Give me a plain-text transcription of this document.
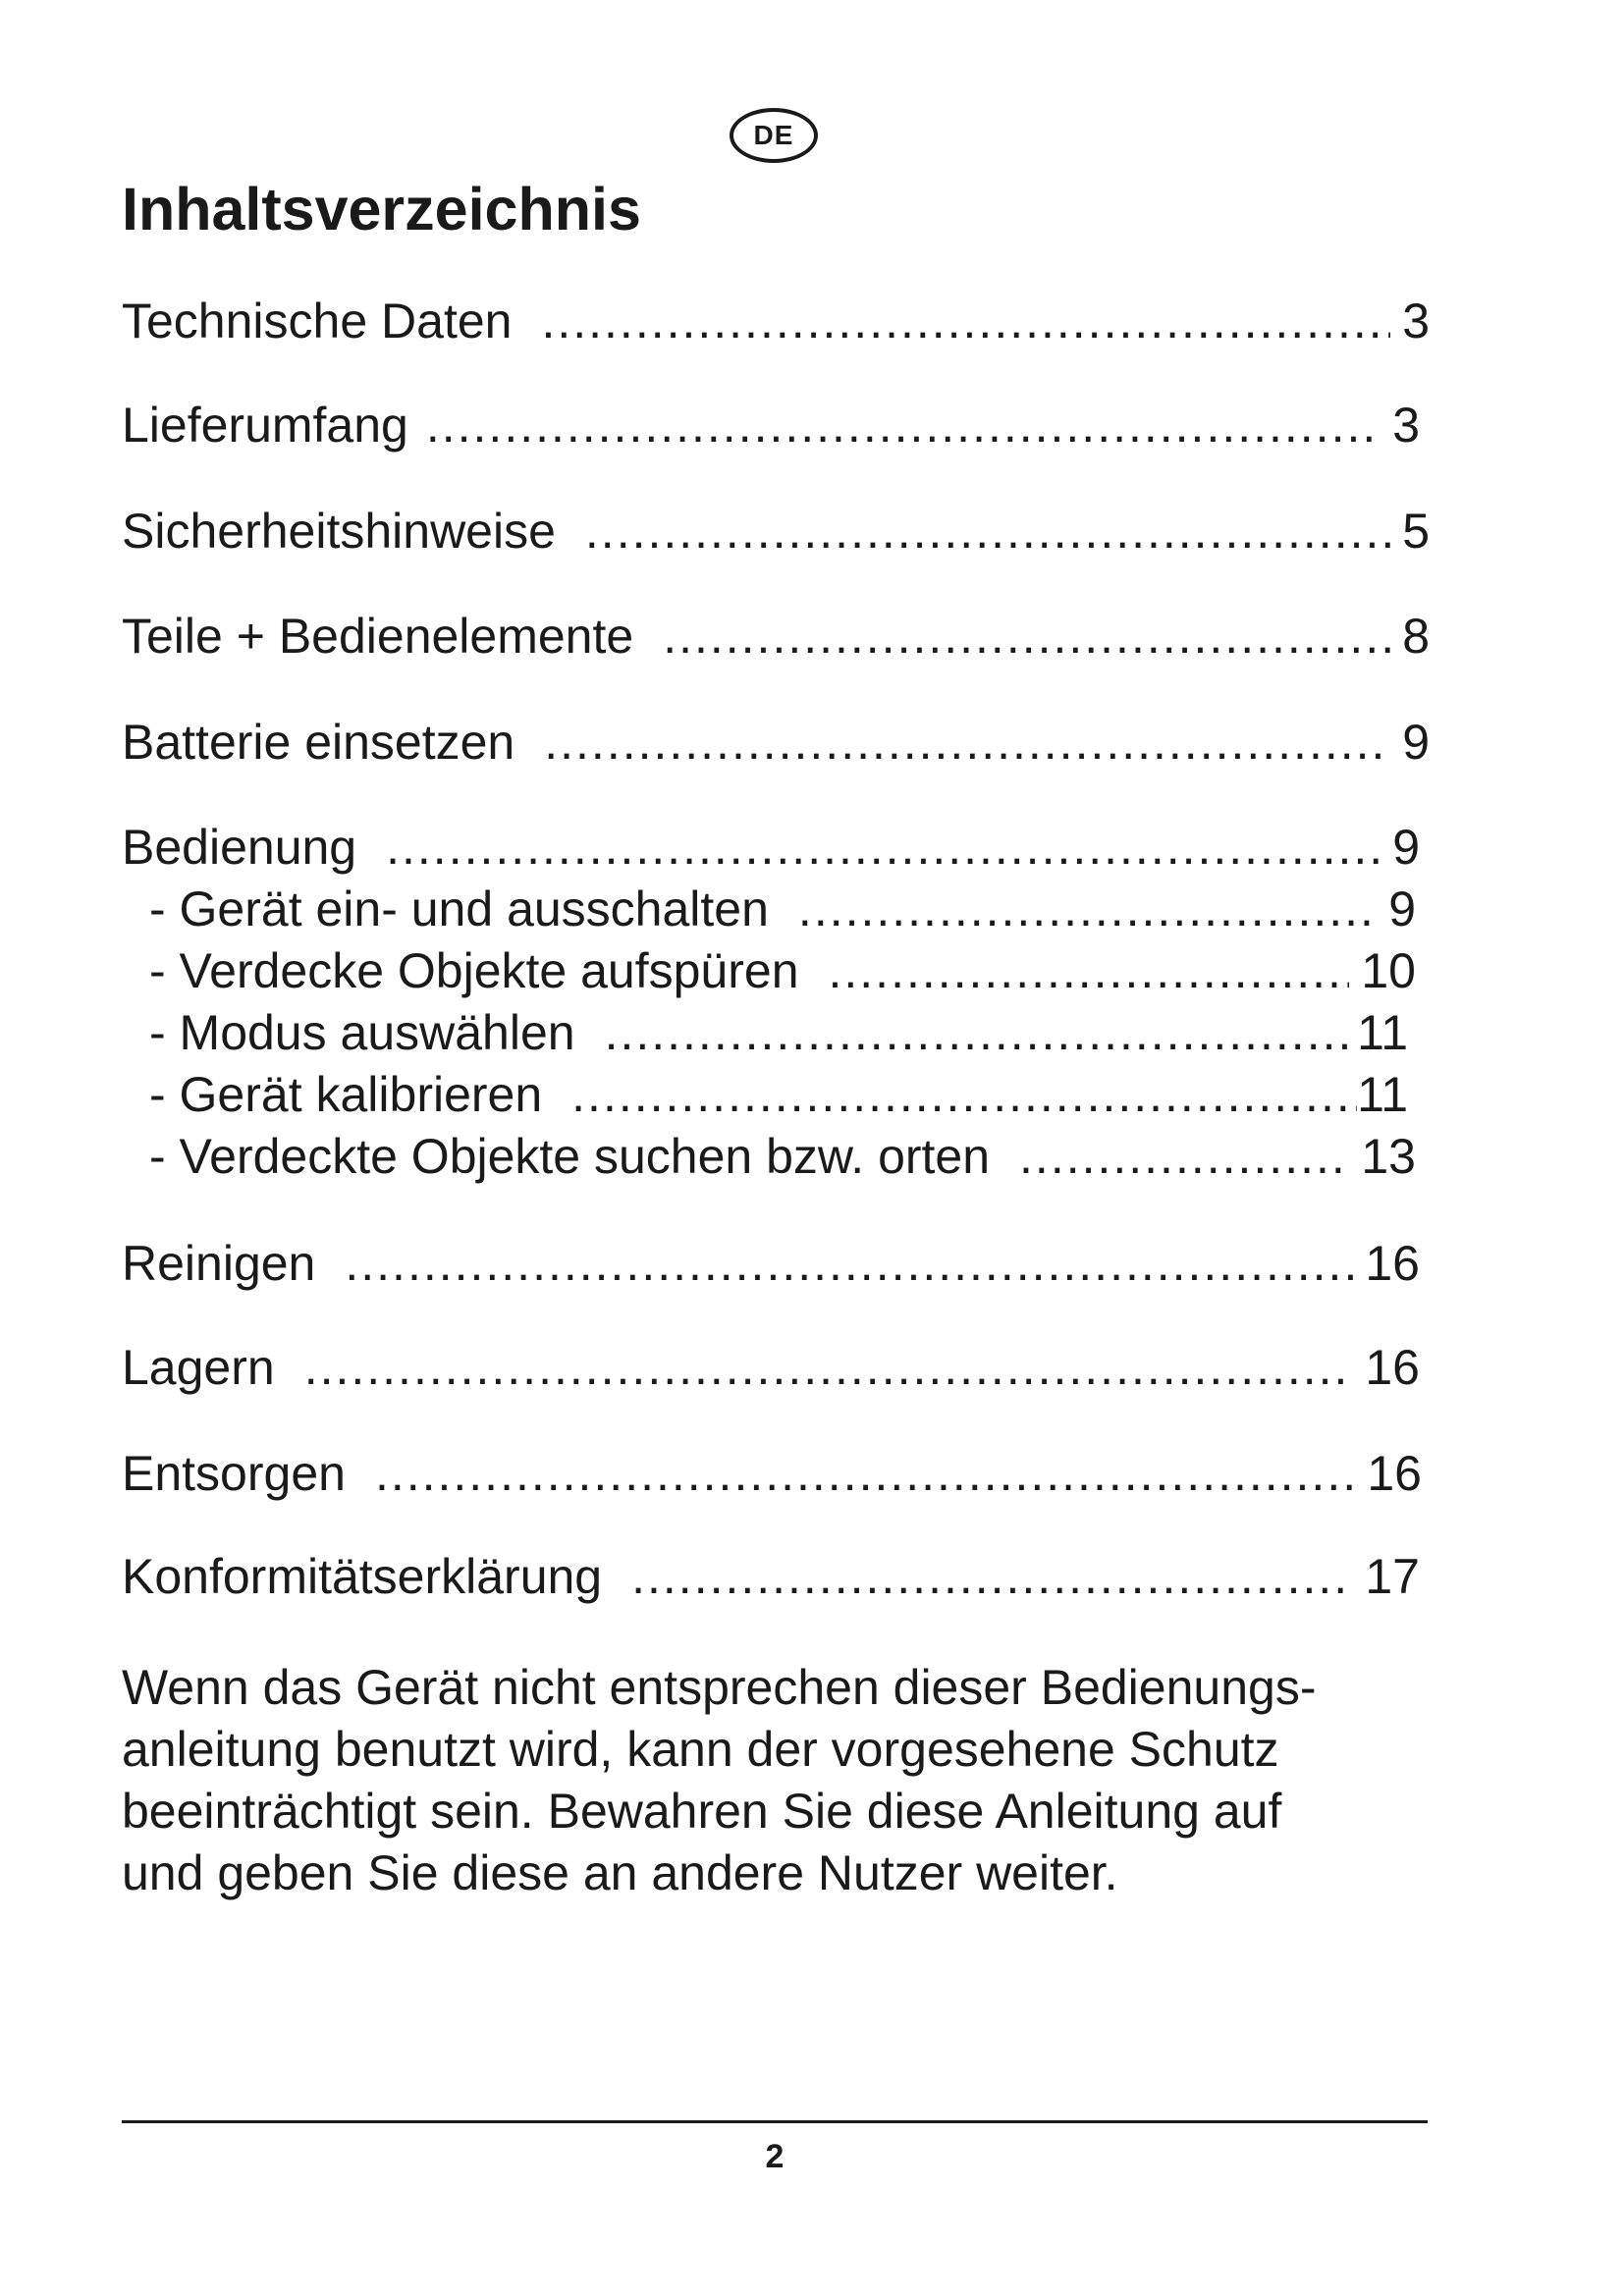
DE
Inhaltsverzeichnis
Technische Daten .....	3
Lieferumfang .....	3
Sicherheitshinweise .....	5
Teile + Bedienelemente .....	8
Batterie einsetzen .....	9
Bedienung .....	9
- Gerät ein- und ausschalten .....	9
- Verdecke Objekte aufspüren .....	10
- Modus auswählen .....	11
- Gerät kalibrieren .....	11
- Verdeckte Objekte suchen bzw. orten .....	13
Reinigen .....	16
Lagern .....	16
Entsorgen .....	16
Konformitätserklärung .....	17

Wenn das Gerät nicht entsprechen dieser Bedienungs-
anleitung benutzt wird, kann der vorgesehene Schutz
beeinträchtigt sein. Bewahren Sie diese Anleitung auf
und geben Sie diese an andere Nutzer weiter.

2
